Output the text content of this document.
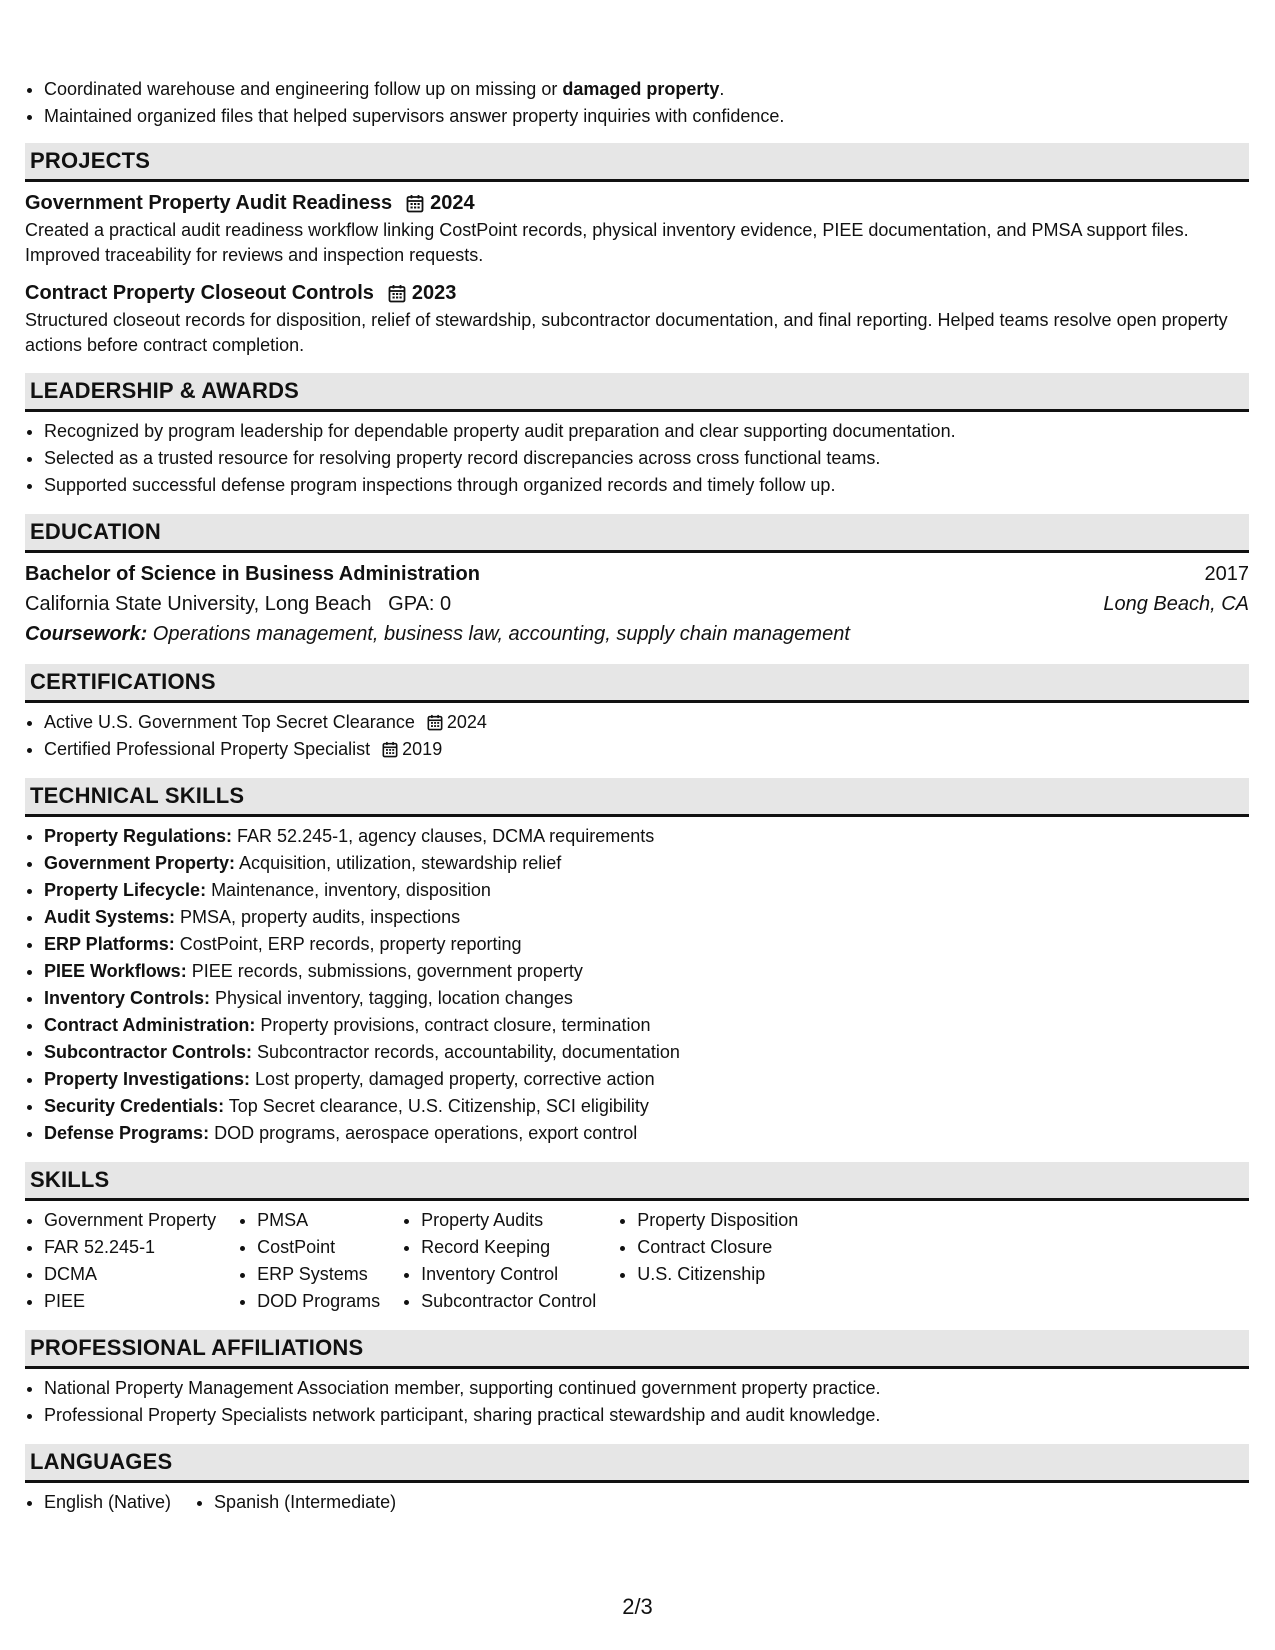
• Coordinated warehouse and engineering follow up on missing or damaged property.
• Maintained organized files that helped supervisors answer property inquiries with confidence.
PROJECTS
Government Property Audit Readiness 2024
Created a practical audit readiness workflow linking CostPoint records, physical inventory evidence, PIEE documentation, and PMSA support files. Improved traceability for reviews and inspection requests.
Contract Property Closeout Controls 2023
Structured closeout records for disposition, relief of stewardship, subcontractor documentation, and final reporting. Helped teams resolve open property actions before contract completion.
LEADERSHIP & AWARDS
• Recognized by program leadership for dependable property audit preparation and clear supporting documentation.
• Selected as a trusted resource for resolving property record discrepancies across cross functional teams.
• Supported successful defense program inspections through organized records and timely follow up.
EDUCATION
Bachelor of Science in Business Administration	2017
California State University, Long Beach GPA: 0	Long Beach, CA
Coursework: Operations management, business law, accounting, supply chain management
CERTIFICATIONS
• Active U.S. Government Top Secret Clearance 2024
• Certified Professional Property Specialist 2019
TECHNICAL SKILLS
• Property Regulations: FAR 52.245-1, agency clauses, DCMA requirements
• Government Property: Acquisition, utilization, stewardship relief
• Property Lifecycle: Maintenance, inventory, disposition
• Audit Systems: PMSA, property audits, inspections
• ERP Platforms: CostPoint, ERP records, property reporting
• PIEE Workflows: PIEE records, submissions, government property
• Inventory Controls: Physical inventory, tagging, location changes
• Contract Administration: Property provisions, contract closure, termination
• Subcontractor Controls: Subcontractor records, accountability, documentation
• Property Investigations: Lost property, damaged property, corrective action
• Security Credentials: Top Secret clearance, U.S. Citizenship, SCI eligibility
• Defense Programs: DOD programs, aerospace operations, export control
SKILLS
• Government Property
• FAR 52.245-1
• DCMA
• PIEE
• PMSA
• CostPoint
• ERP Systems
• DOD Programs
• Property Audits
• Record Keeping
• Inventory Control
• Subcontractor Control
• Property Disposition
• Contract Closure
• U.S. Citizenship
PROFESSIONAL AFFILIATIONS
• National Property Management Association member, supporting continued government property practice.
• Professional Property Specialists network participant, sharing practical stewardship and audit knowledge.
LANGUAGES
• English (Native)
• Spanish (Intermediate)
2/3
